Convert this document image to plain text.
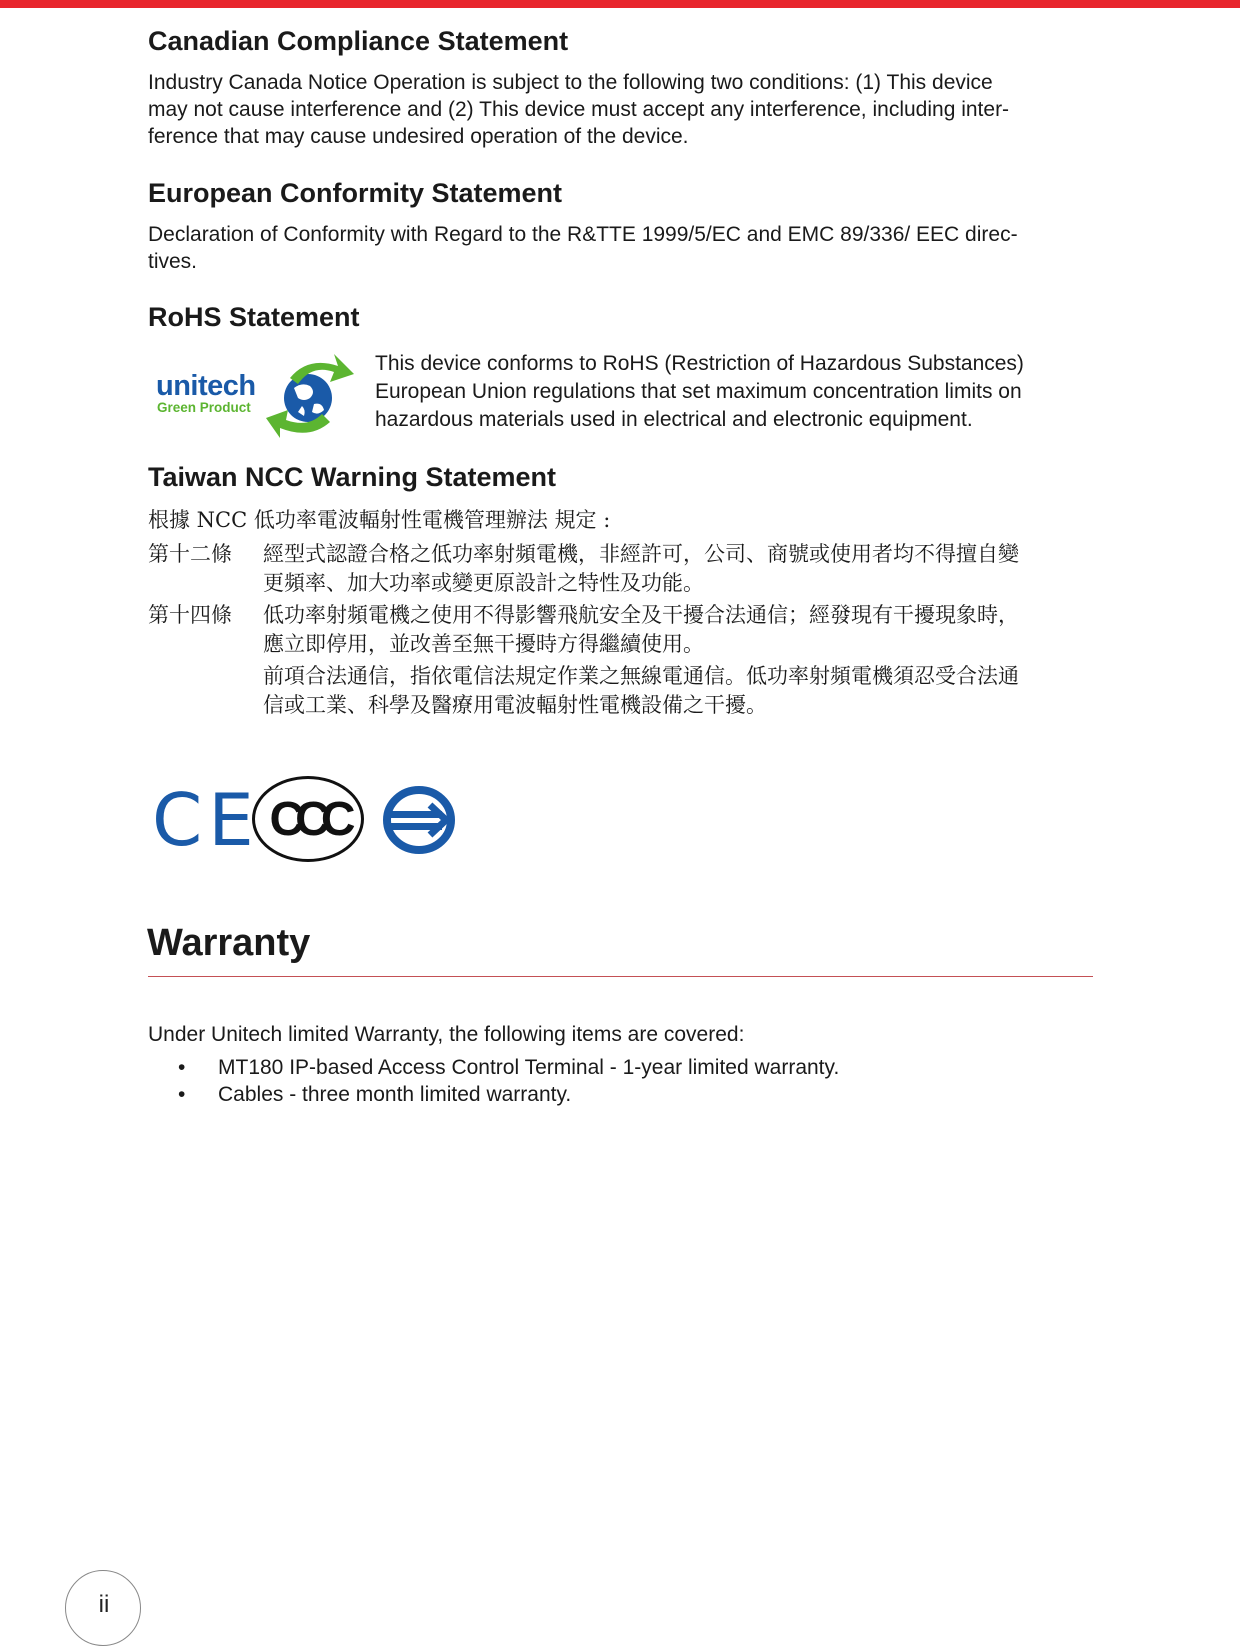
Canadian Compliance Statement

Industry Canada Notice Operation is subject to the following two conditions: (1) This device
may not cause interference and (2) This device must accept any interference, including inter-
ference that may cause undesired operation of the device.

European Conformity Statement

Declaration of Conformity with Regard to the R&TTE 1999/5/EC and EMC 89/336/ EEC direc-
tives.

RoHS Statement
unitech
Green Product

This device conforms to RoHS (Restriction of Hazardous Substances)
European Union regulations that set maximum concentration limits on
hazardous materials used in electrical and electronic equipment.

Taiwan NCC Warning Statement
根據 NCC 低功率電波輻射性電機管理辦法 規定 :
第十二條 經型式認證合格之低功率射頻電機，非經許可，公司、商號或使用者均不得擅自變
更頻率、加大功率或變更原設計之特性及功能。
第十四條 低功率射頻電機之使用不得影響飛航安全及干擾合法通信；經發現有干擾現象時，
應立即停用，並改善至無干擾時方得繼續使用。
前項合法通信，指依電信法規定作業之無線電通信。低功率射頻電機須忍受合法通
信或工業、科學及醫療用電波輻射性電機設備之干擾。
CE CCC
Warranty

Under Unitech limited Warranty, the following items are covered:

• MT180 IP-based Access Control Terminal - 1-year limited warranty.
• Cables - three month limited warranty.
ii
